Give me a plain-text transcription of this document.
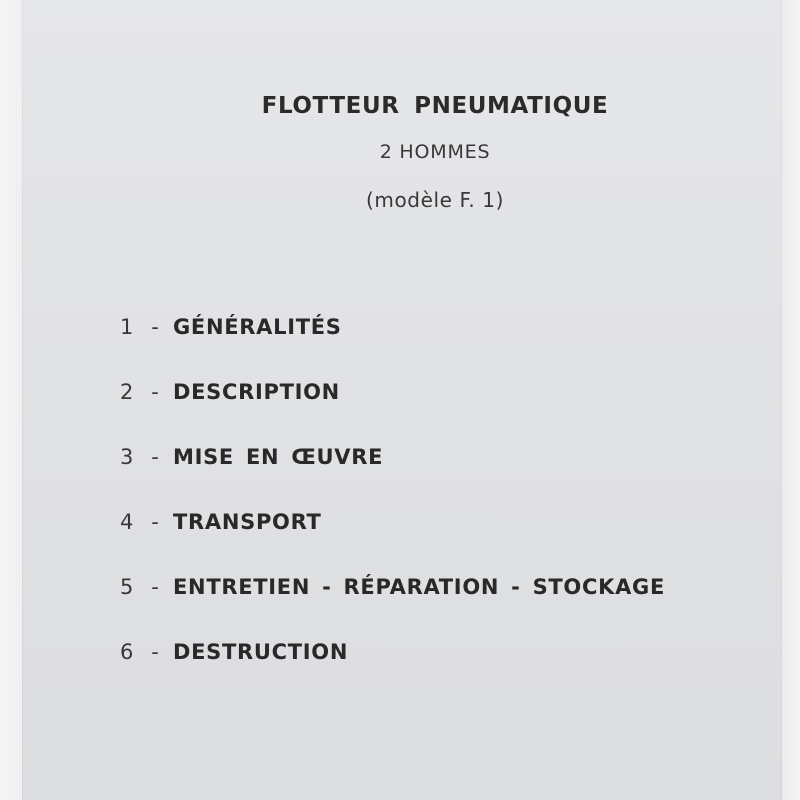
FLOTTEUR PNEUMATIQUE
2 HOMMES
(modèle F. 1)
1 - GÉNÉRALITÉS
2 - DESCRIPTION
3 - MISE EN ŒUVRE
4 - TRANSPORT
5 - ENTRETIEN - RÉPARATION - STOCKAGE
6 - DESTRUCTION
